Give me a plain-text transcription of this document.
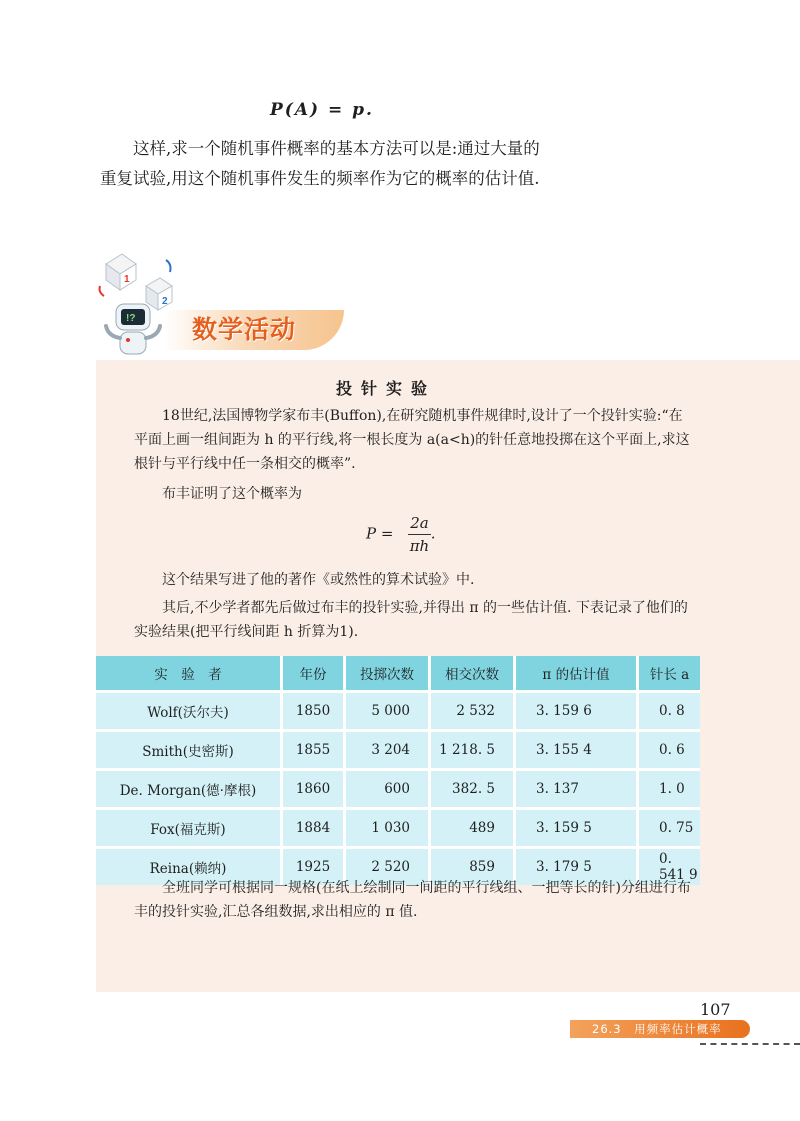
P(A) = p.

这样,求一个随机事件概率的基本方法可以是:通过大量的重复试验,用这个随机事件发生的频率作为它的概率的估计值.

1
2
!? 数学活动
投针实验

18世纪,法国博物学家布丰(Buffon),在研究随机事件规律时,设计了一个投针实验:“在平面上画一组间距为 h 的平行线,将一根长度为 a(a<h)的针任意地投掷在这个平面上,求这根针与平行线中任一条相交的概率”.

布丰证明了这个概率为

$P = \frac{2a}{\pi h}$ .

这个结果写进了他的著作《或然性的算术试验》中.

其后,不少学者都先后做过布丰的投针实验,并得出 π 的一些估计值. 下表记录了他们的实验结果(把平行线间距 h 折算为1).

实　验　者	年份	投掷次数	相交次数	π 的估计值	针长 a
Wolf(沃尔夫)	1850	5 000	2 532	3. 159 6	0. 8
Smith(史密斯)	1855	3 204	1 218. 5	3. 155 4	0. 6
De. Morgan(德·摩根)	1860	600	382. 5	3. 137	1. 0
Fox(福克斯)	1884	1 030	489	3. 159 5	0. 75
Reina(赖纳)	1925	2 520	859	3. 179 5	0. 541 9

全班同学可根据同一规格(在纸上绘制同一间距的平行线组、一把等长的针)分组进行布丰的投针实验,汇总各组数据,求出相应的 π 值.

107
26.3　用频率估计概率
